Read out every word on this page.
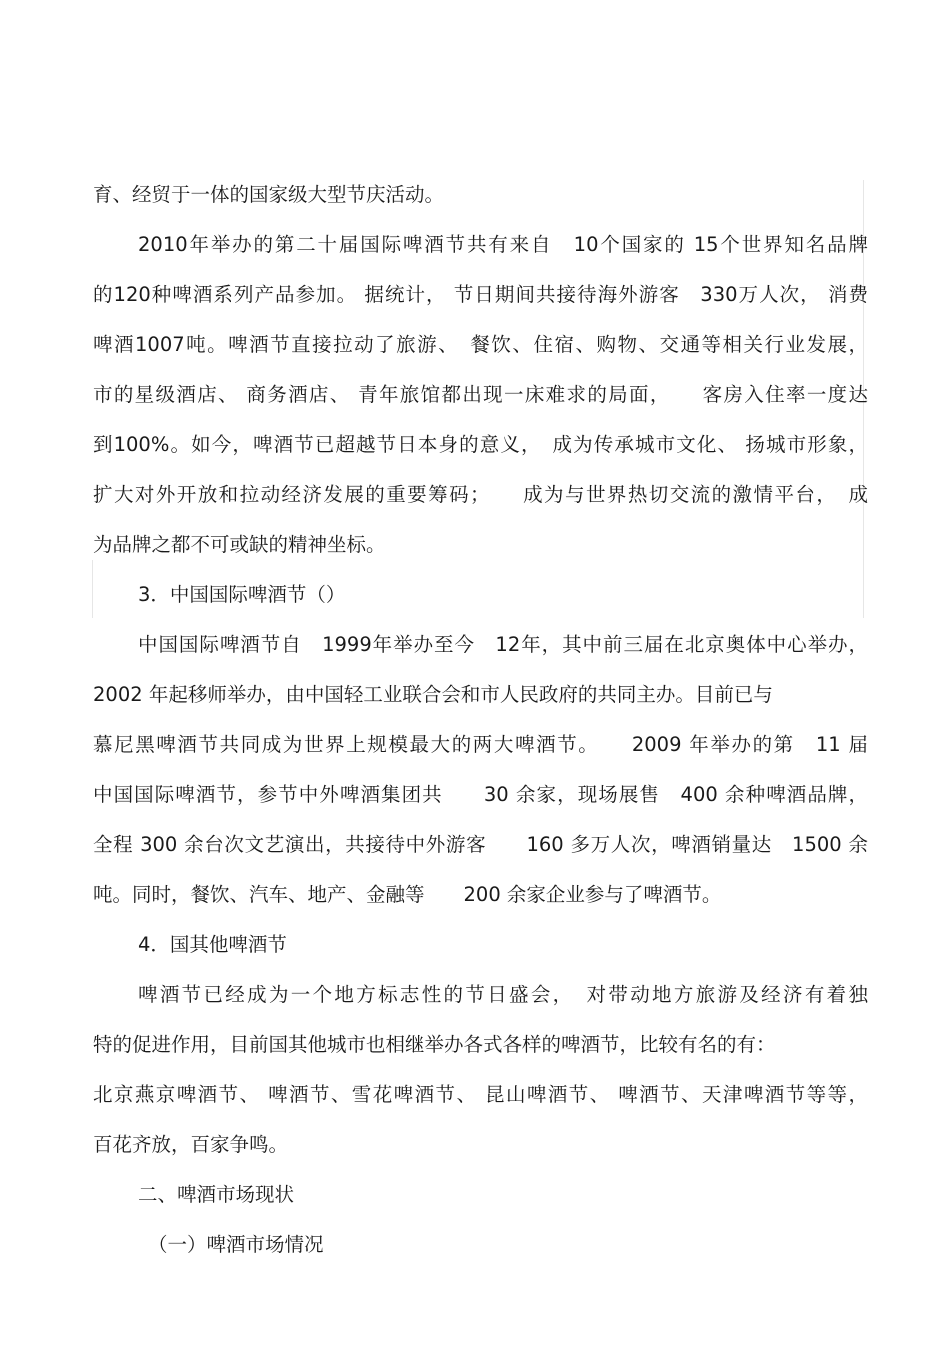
育、经贸于一体的国家级大型节庆活动。
2010年举办的第二十届国际啤酒节共有来自　10个国家的 15个世界知名品牌
的120种啤酒系列产品参加。 据统计， 节日期间共接待海外游客　330万人次， 消费
啤酒1007吨。啤酒节直接拉动了旅游、　餐饮、住宿、购物、交通等相关行业发展，
市的星级酒店、 商务酒店、 青年旅馆都出现一床难求的局面，　　客房入住率一度达
到100%。如今，啤酒节已超越节日本身的意义，　成为传承城市文化、 扬城市形象，
扩大对外开放和拉动经济发展的重要筹码；　　成为与世界热切交流的激情平台，　成
为品牌之都不可或缺的精神坐标。
3．中国国际啤酒节（）
中国国际啤酒节自　1999年举办至今　12年，其中前三届在北京奥体中心举办，
2002 年起移师举办，由中国轻工业联合会和市人民政府的共同主办。目前已与
慕尼黑啤酒节共同成为世界上规模最大的两大啤酒节。　　2009 年举办的第　11 届
中国国际啤酒节，参节中外啤酒集团共　　30 余家，现场展售　400 余种啤酒品牌，
全程 300 余台次文艺演出，共接待中外游客　　160 多万人次，啤酒销量达　1500 余
吨。同时，餐饮、汽车、地产、金融等　　200 余家企业参与了啤酒节。
4．国其他啤酒节
啤酒节已经成为一个地方标志性的节日盛会，　对带动地方旅游及经济有着独
特的促进作用，目前国其他城市也相继举办各式各样的啤酒节，比较有名的有：
北京燕京啤酒节、 啤酒节、雪花啤酒节、 昆山啤酒节、 啤酒节、天津啤酒节等等，
百花齐放，百家争鸣。
二、啤酒市场现状
（一）啤酒市场情况
